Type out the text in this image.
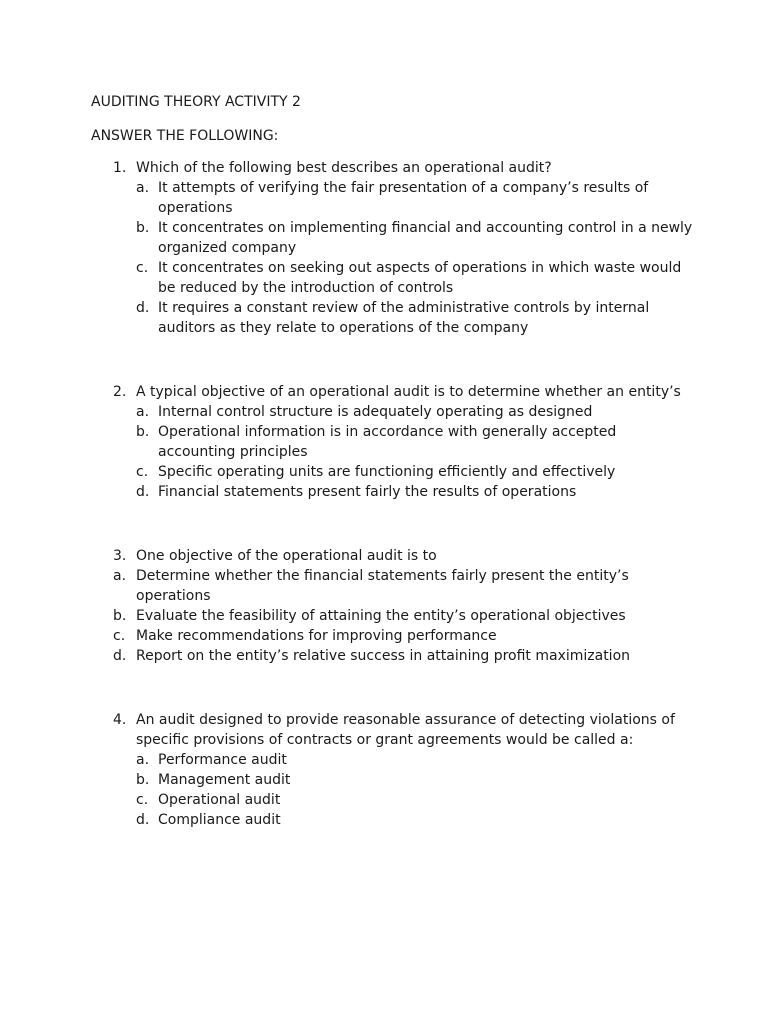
AUDITING THEORY ACTIVITY 2
ANSWER THE FOLLOWING:
1. Which of the following best describes an operational audit?
a. It attempts of verifying the fair presentation of a company’s results of operations
b. It concentrates on implementing financial and accounting control in a newly organized company
c. It concentrates on seeking out aspects of operations in which waste would be reduced by the introduction of controls
d. It requires a constant review of the administrative controls by internal auditors as they relate to operations of the company
2. A typical objective of an operational audit is to determine whether an entity’s
a. Internal control structure is adequately operating as designed
b. Operational information is in accordance with generally accepted accounting principles
c. Specific operating units are functioning efficiently and effectively
d. Financial statements present fairly the results of operations
3. One objective of the operational audit is to
a. Determine whether the financial statements fairly present the entity’s operations
b. Evaluate the feasibility of attaining the entity’s operational objectives
c. Make recommendations for improving performance
d. Report on the entity’s relative success in attaining profit maximization
4. An audit designed to provide reasonable assurance of detecting violations of specific provisions of contracts or grant agreements would be called a:
a. Performance audit
b. Management audit
c. Operational audit
d. Compliance audit
